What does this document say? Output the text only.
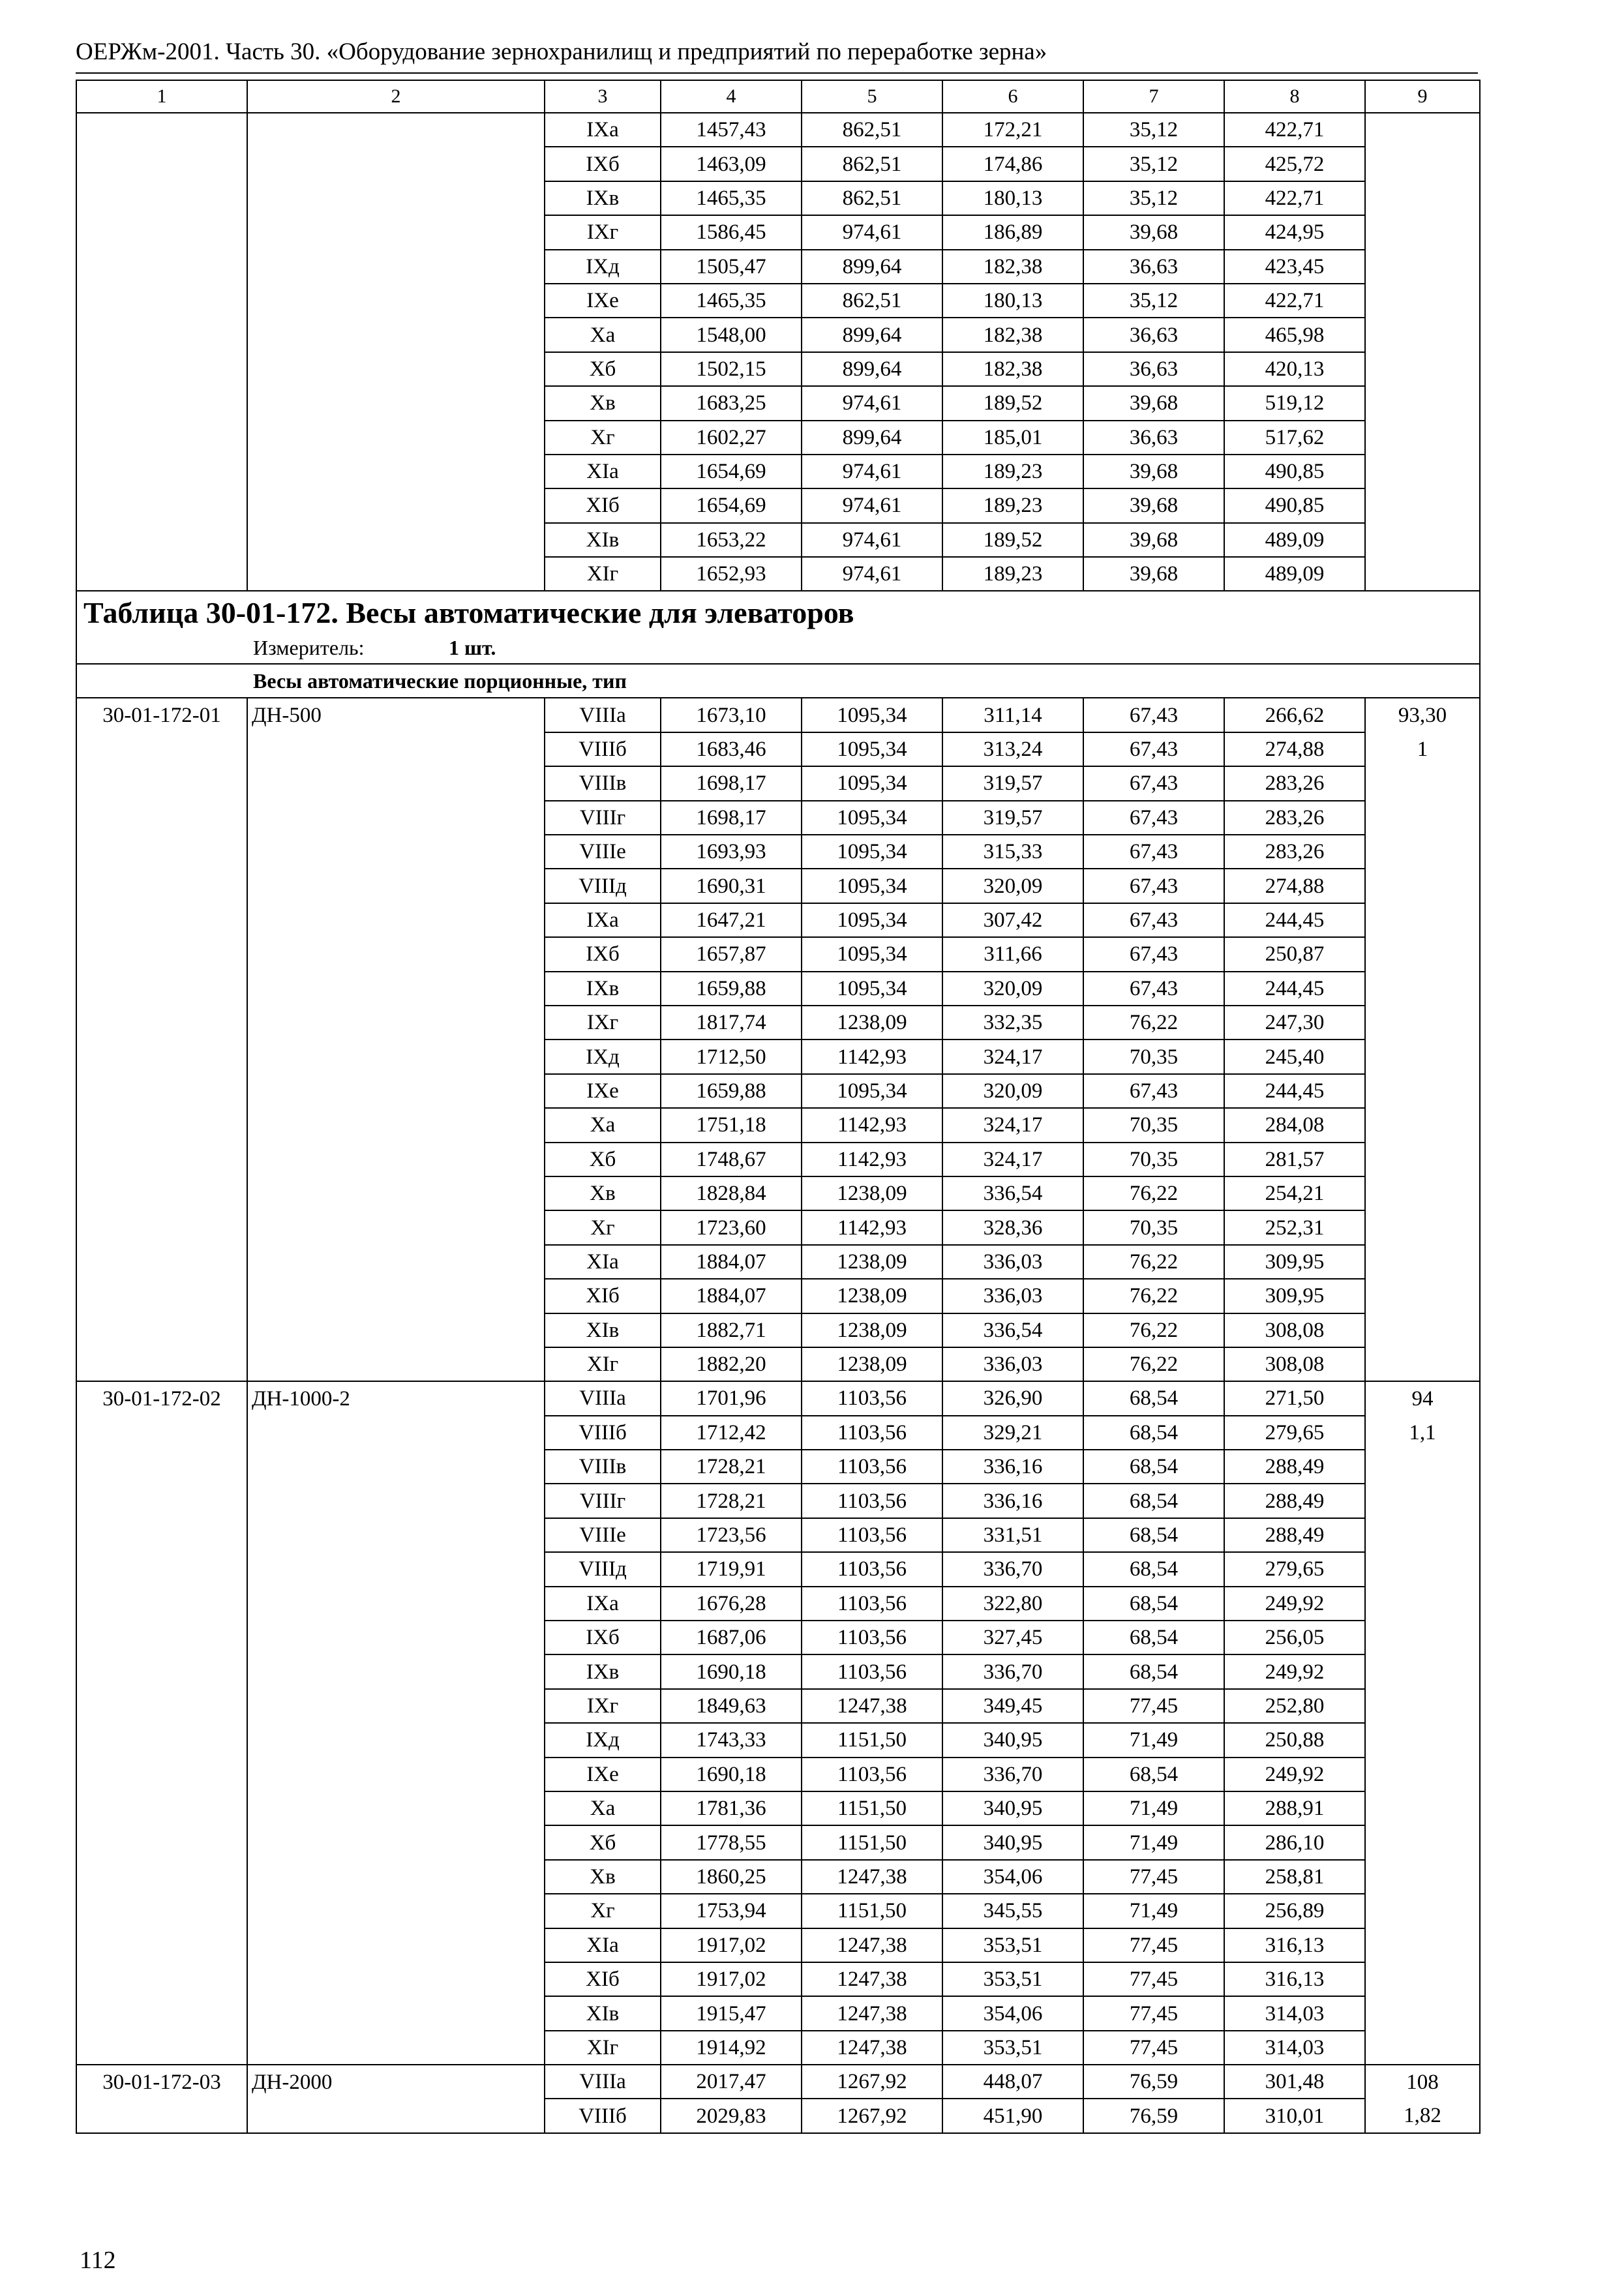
ОЕРЖм-2001. Часть 30. «Оборудование зернохранилищ и предприятий по переработке зерна»
1	2	3	4	5	6	7	8	9
		IXа	1457,43	862,51	172,21	35,12	422,71	
		IXб	1463,09	862,51	174,86	35,12	425,72	
		IXв	1465,35	862,51	180,13	35,12	422,71	
		IXг	1586,45	974,61	186,89	39,68	424,95	
		IXд	1505,47	899,64	182,38	36,63	423,45	
		IXе	1465,35	862,51	180,13	35,12	422,71	
		Xа	1548,00	899,64	182,38	36,63	465,98	
		Xб	1502,15	899,64	182,38	36,63	420,13	
		Xв	1683,25	974,61	189,52	39,68	519,12	
		Xг	1602,27	899,64	185,01	36,63	517,62	
		XIа	1654,69	974,61	189,23	39,68	490,85	
		XIб	1654,69	974,61	189,23	39,68	490,85	
		XIв	1653,22	974,61	189,52	39,68	489,09	
		XIг	1652,93	974,61	189,23	39,68	489,09	

Таблица 30-01-172. Весы автоматические для элеваторов
Измеритель: 1 шт.								

Весы автоматические порционные, тип								
30-01-172-01	ДН-500	VIIIа	1673,10	1095,34	311,14	67,43	266,62	93,30
		VIIIб	1683,46	1095,34	313,24	67,43	274,88	1
		VIIIв	1698,17	1095,34	319,57	67,43	283,26	
		VIIIг	1698,17	1095,34	319,57	67,43	283,26	
		VIIIе	1693,93	1095,34	315,33	67,43	283,26	
		VIIIд	1690,31	1095,34	320,09	67,43	274,88	
		IXа	1647,21	1095,34	307,42	67,43	244,45	
		IXб	1657,87	1095,34	311,66	67,43	250,87	
		IXв	1659,88	1095,34	320,09	67,43	244,45	
		IXг	1817,74	1238,09	332,35	76,22	247,30	
		IXд	1712,50	1142,93	324,17	70,35	245,40	
		IXе	1659,88	1095,34	320,09	67,43	244,45	
		Xа	1751,18	1142,93	324,17	70,35	284,08	
		Xб	1748,67	1142,93	324,17	70,35	281,57	
		Xв	1828,84	1238,09	336,54	76,22	254,21	
		Xг	1723,60	1142,93	328,36	70,35	252,31	
		XIа	1884,07	1238,09	336,03	76,22	309,95	
		XIб	1884,07	1238,09	336,03	76,22	309,95	
		XIв	1882,71	1238,09	336,54	76,22	308,08	
		XIг	1882,20	1238,09	336,03	76,22	308,08	
30-01-172-02	ДН-1000-2	VIIIа	1701,96	1103,56	326,90	68,54	271,50	94
		VIIIб	1712,42	1103,56	329,21	68,54	279,65	1,1
		VIIIв	1728,21	1103,56	336,16	68,54	288,49	
		VIIIг	1728,21	1103,56	336,16	68,54	288,49	
		VIIIе	1723,56	1103,56	331,51	68,54	288,49	
		VIIIд	1719,91	1103,56	336,70	68,54	279,65	
		IXа	1676,28	1103,56	322,80	68,54	249,92	
		IXб	1687,06	1103,56	327,45	68,54	256,05	
		IXв	1690,18	1103,56	336,70	68,54	249,92	
		IXг	1849,63	1247,38	349,45	77,45	252,80	
		IXд	1743,33	1151,50	340,95	71,49	250,88	
		IXе	1690,18	1103,56	336,70	68,54	249,92	
		Xа	1781,36	1151,50	340,95	71,49	288,91	
		Xб	1778,55	1151,50	340,95	71,49	286,10	
		Xв	1860,25	1247,38	354,06	77,45	258,81	
		Xг	1753,94	1151,50	345,55	71,49	256,89	
		XIа	1917,02	1247,38	353,51	77,45	316,13	
		XIб	1917,02	1247,38	353,51	77,45	316,13	
		XIв	1915,47	1247,38	354,06	77,45	314,03	
		XIг	1914,92	1247,38	353,51	77,45	314,03	
30-01-172-03	ДН-2000	VIIIа	2017,47	1267,92	448,07	76,59	301,48	108
		VIIIб	2029,83	1267,92	451,90	76,59	310,01	1,82
112
